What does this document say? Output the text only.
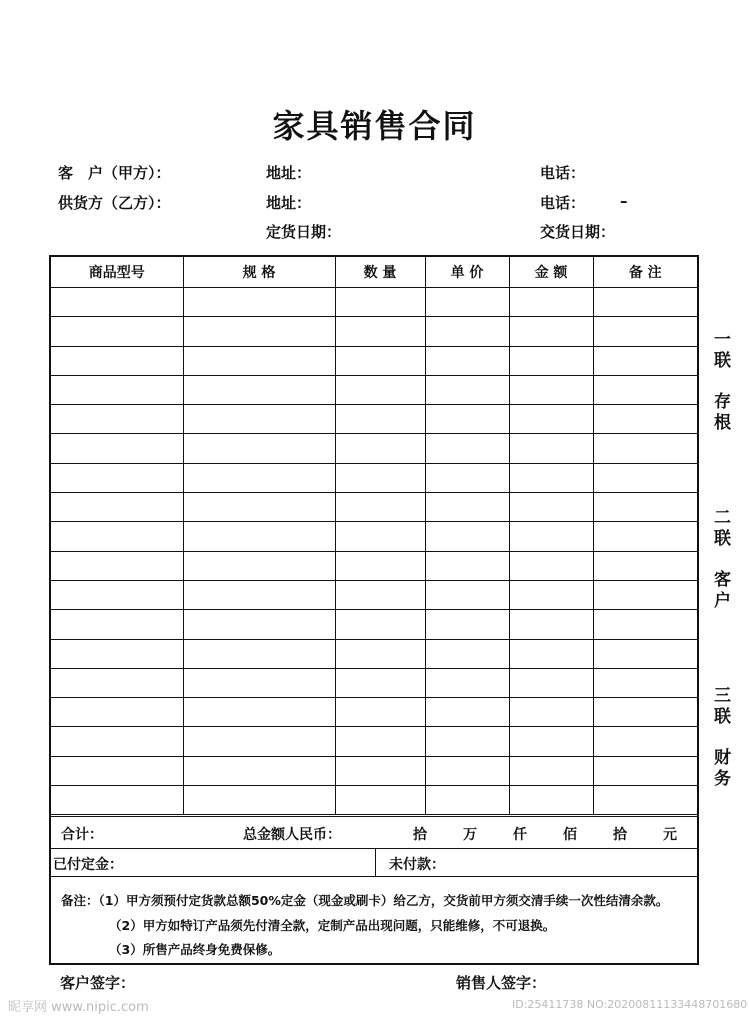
家具销售合同
客　户（甲方）：	地址：	电话：
供货方（乙方）：	地址：	电话： –
定货日期：	交货日期：
商品型号	规 格	数 量	单 价	金 额	备 注

合计：	总金额人民币：	拾	万	仟	佰	拾	元
已付定金：	未付款：
备注：（1）甲方须预付定货款总额50%定金（现金或刷卡）给乙方，交货前甲方须交清手续一次性结清余款。
（2）甲方如特订产品须先付清全款，定制产品出现问题，只能维修，不可退换。
（3）所售产品终身免费保修。
一联
存根
二联
客户
三联
财务
客户签字：	销售人签字：
昵享网 www.nipic.com	ID:25411738 NO:20200811133448701680
